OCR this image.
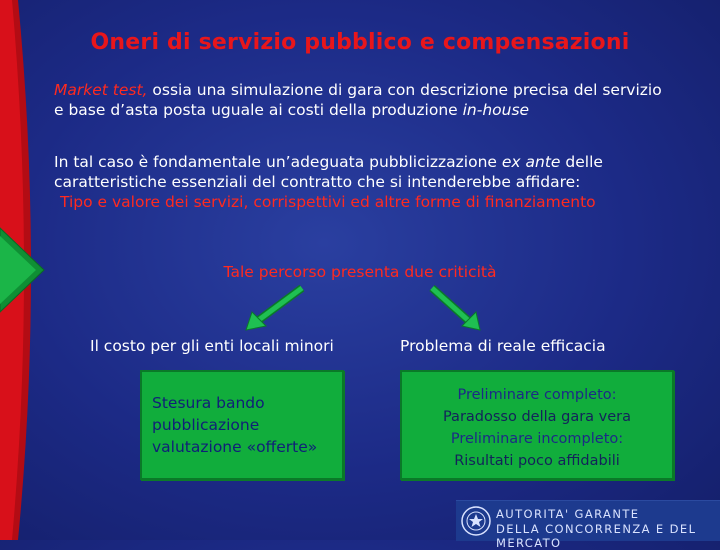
Oneri di servizio pubblico e compensazioni
Market test, ossia una simulazione di gara con descrizione precisa del servizio e base d’asta posta uguale ai costi della produzione in-house
In tal caso è fondamentale un’adeguata pubblicizzazione ex ante delle caratteristiche essenziali del contratto che si intenderebbe affidare:
Tipo e valore dei servizi, corrispettivi ed altre forme di finanziamento
Tale percorso presenta due criticità
Il costo per gli enti locali minori	Problema di reale efficacia
Stesura bando
pubblicazione
valutazione «offerte»
Preliminare completo:
Paradosso della gara vera
Preliminare incompleto:
Risultati poco affidabili
AUTORITA' GARANTE
DELLA CONCORRENZA E DEL MERCATO
